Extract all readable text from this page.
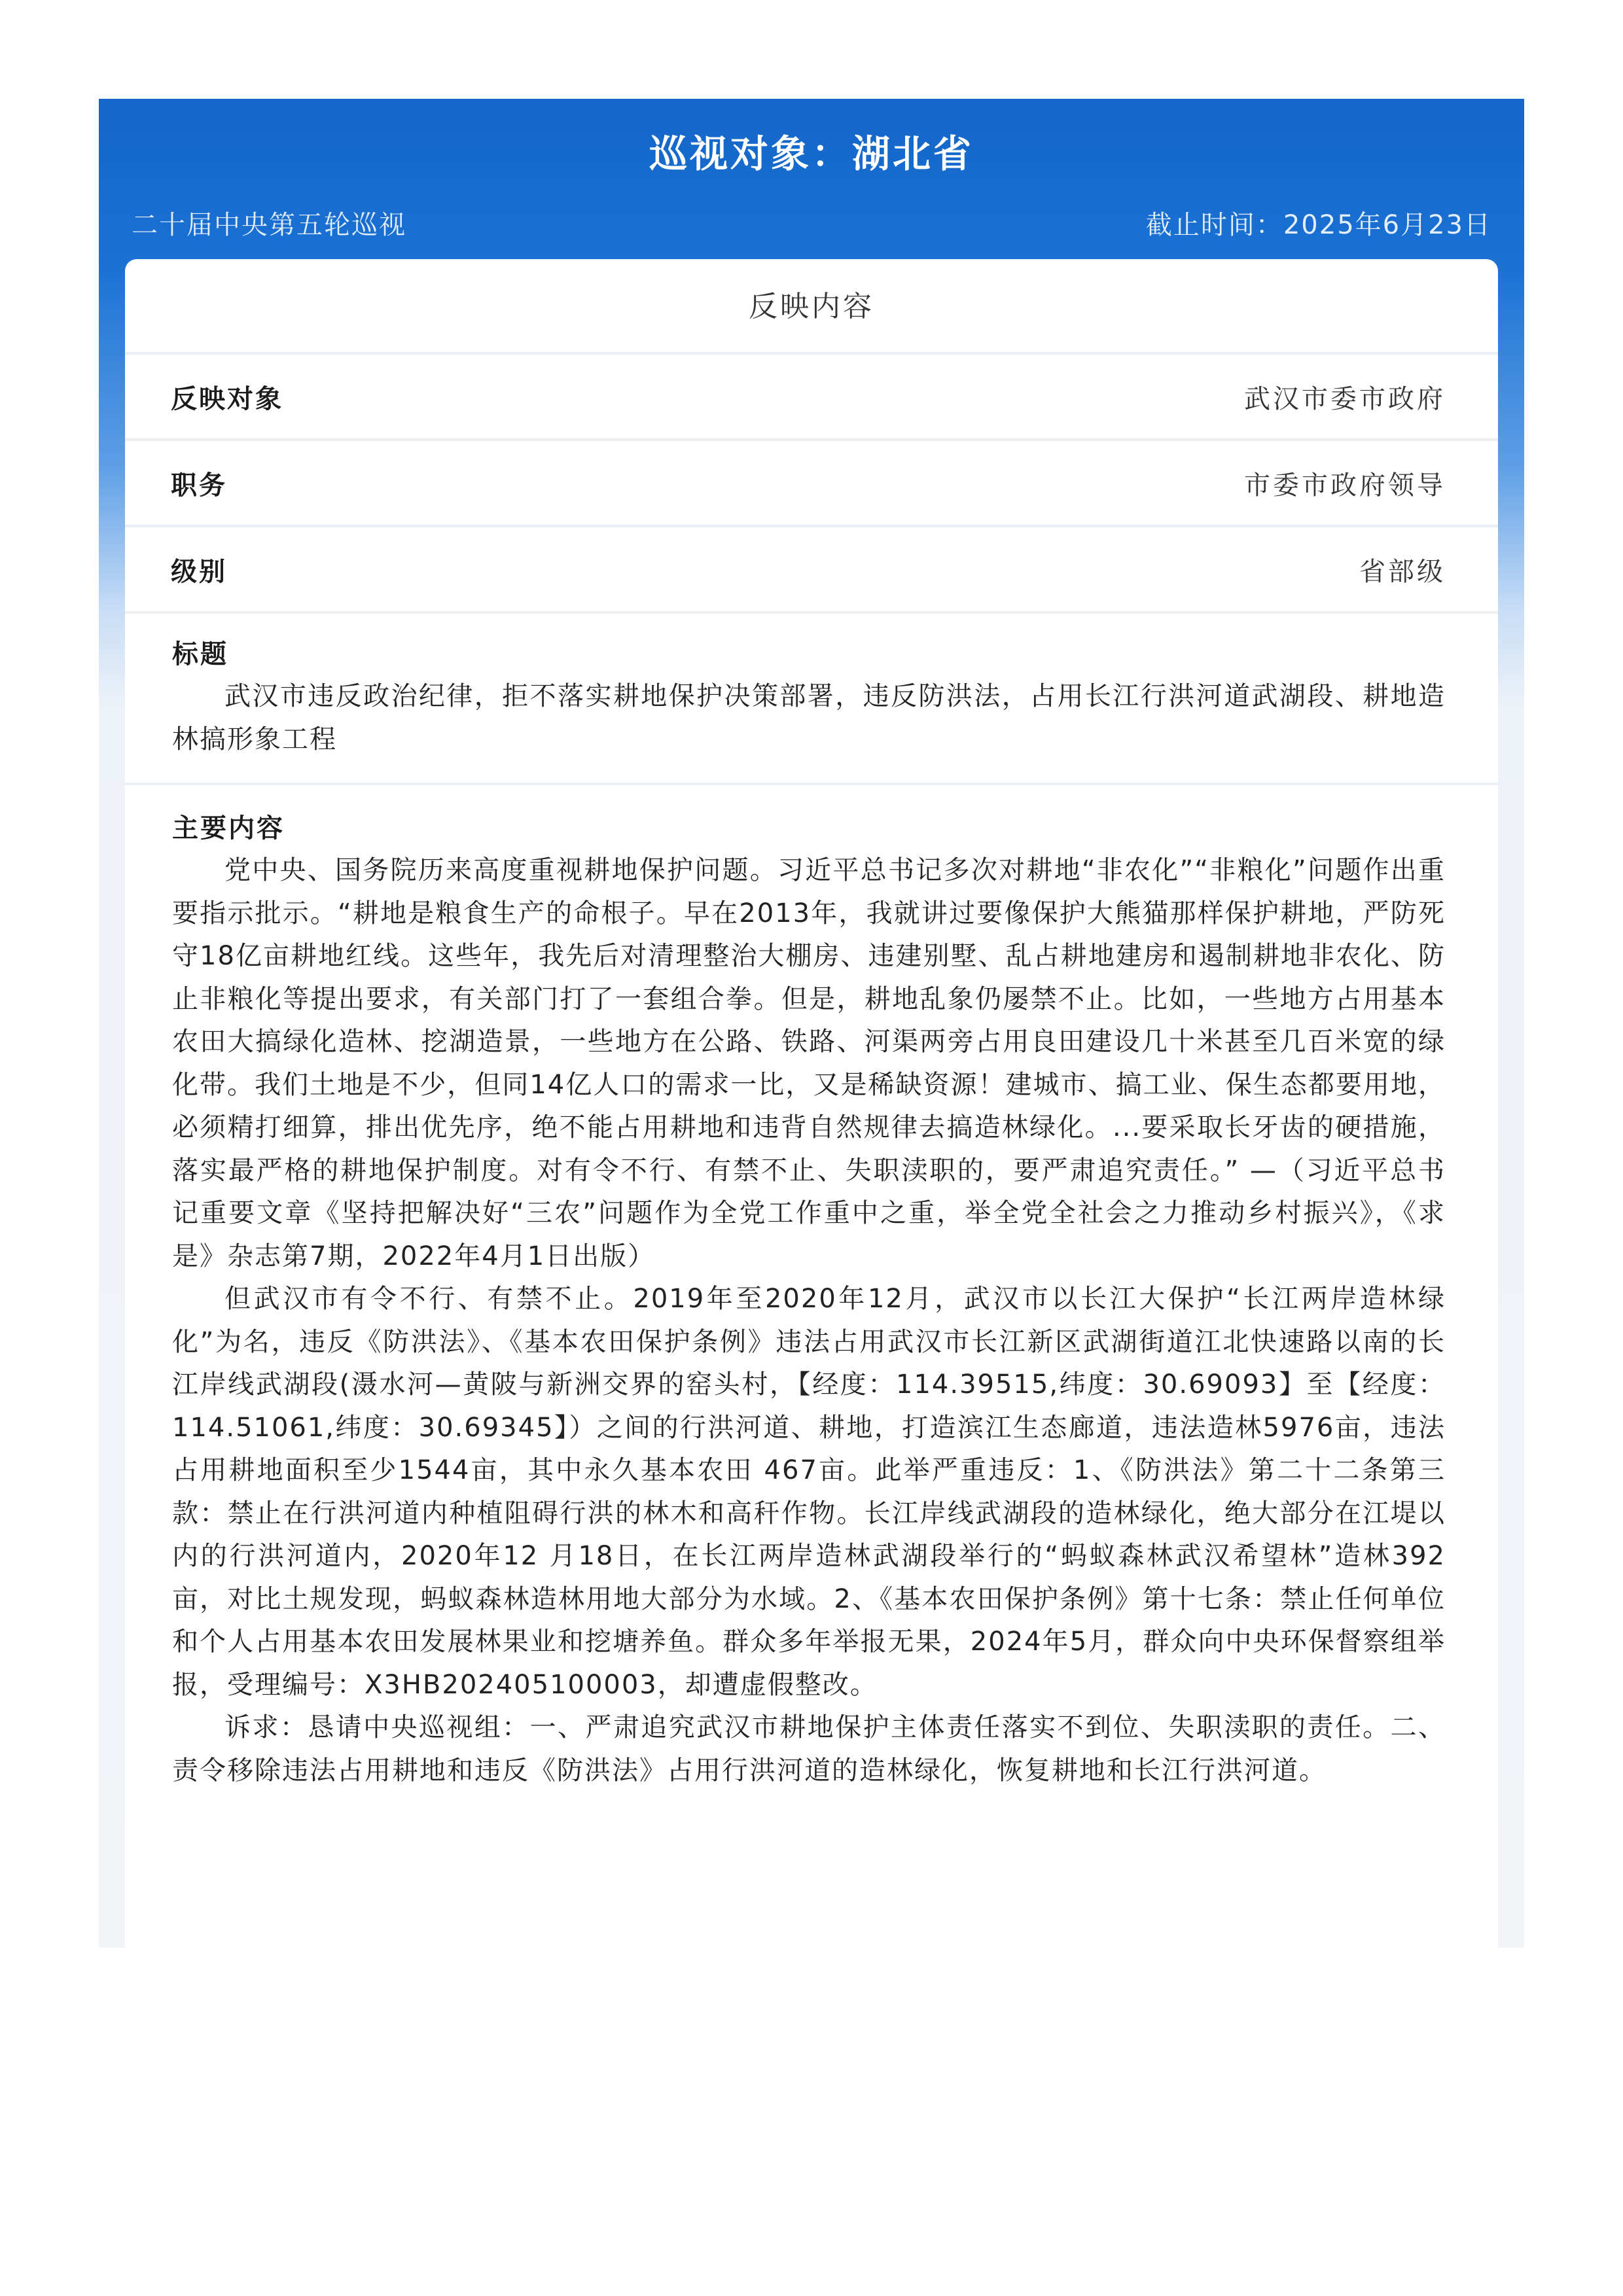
巡视对象：湖北省
二十届中央第五轮巡视	截止时间：2025年6月23日
反映内容
反映对象	武汉市委市政府
职务	市委市政府领导
级别	省部级
标题

武汉市违反政治纪律，拒不落实耕地保护决策部署，违反防洪法，占用长江行洪河道武湖段、耕地造林搞形象工程

主要内容

党中央、国务院历来高度重视耕地保护问题。习近平总书记多次对耕地“非农化”“非粮化”问题作出重要指示批示。“耕地是粮食生产的命根子。早在2013年，我就讲过要像保护大熊猫那样保护耕地，严防死守18亿亩耕地红线。这些年，我先后对清理整治大棚房、违建别墅、乱占耕地建房和遏制耕地非农化、防止非粮化等提出要求，有关部门打了一套组合拳。但是，耕地乱象仍屡禁不止。比如，一些地方占用基本农田大搞绿化造林、挖湖造景，一些地方在公路、铁路、河渠两旁占用良田建设几十米甚至几百米宽的绿化带。我们土地是不少，但同14亿人口的需求一比，又是稀缺资源！建城市、搞工业、保生态都要用地，必须精打细算，排出优先序，绝不能占用耕地和违背自然规律去搞造林绿化。...要采取长牙齿的硬措施，落实最严格的耕地保护制度。对有令不行、有禁不止、失职渎职的，要严肃追究责任。” —（习近平总书记重要文章《坚持把解决好“三农”问题作为全党工作重中之重，举全党全社会之力推动乡村振兴》，《求是》杂志第7期，2022年4月1日出版）

但武汉市有令不行、有禁不止。2019年至2020年12月，武汉市以长江大保护“长江两岸造林绿化”为名，违反《防洪法》、《基本农田保护条例》违法占用武汉市长江新区武湖街道江北快速路以南的长江岸线武湖段(滠水河—黄陂与新洲交界的窑头村，【经度：114.39515,纬度：30.69093】至【经度：114.51061,纬度：30.69345】）之间的行洪河道、耕地，打造滨江生态廊道，违法造林5976亩，违法占用耕地面积至少1544亩，其中永久基本农田 467亩。此举严重违反：1、《防洪法》第二十二条第三款：禁止在行洪河道内种植阻碍行洪的林木和高秆作物。长江岸线武湖段的造林绿化，绝大部分在江堤以内的行洪河道内，2020年12 月18日，在长江两岸造林武湖段举行的“蚂蚁森林武汉希望林”造林392亩，对比土规发现，蚂蚁森林造林用地大部分为水域。2、《基本农田保护条例》第十七条：禁止任何单位和个人占用基本农田发展林果业和挖塘养鱼。群众多年举报无果，2024年5月，群众向中央环保督察组举报，受理编号：X3HB202405100003，却遭虚假整改。

诉求：恳请中央巡视组：一、严肃追究武汉市耕地保护主体责任落实不到位、失职渎职的责任。二、责令移除违法占用耕地和违反《防洪法》占用行洪河道的造林绿化，恢复耕地和长江行洪河道。
